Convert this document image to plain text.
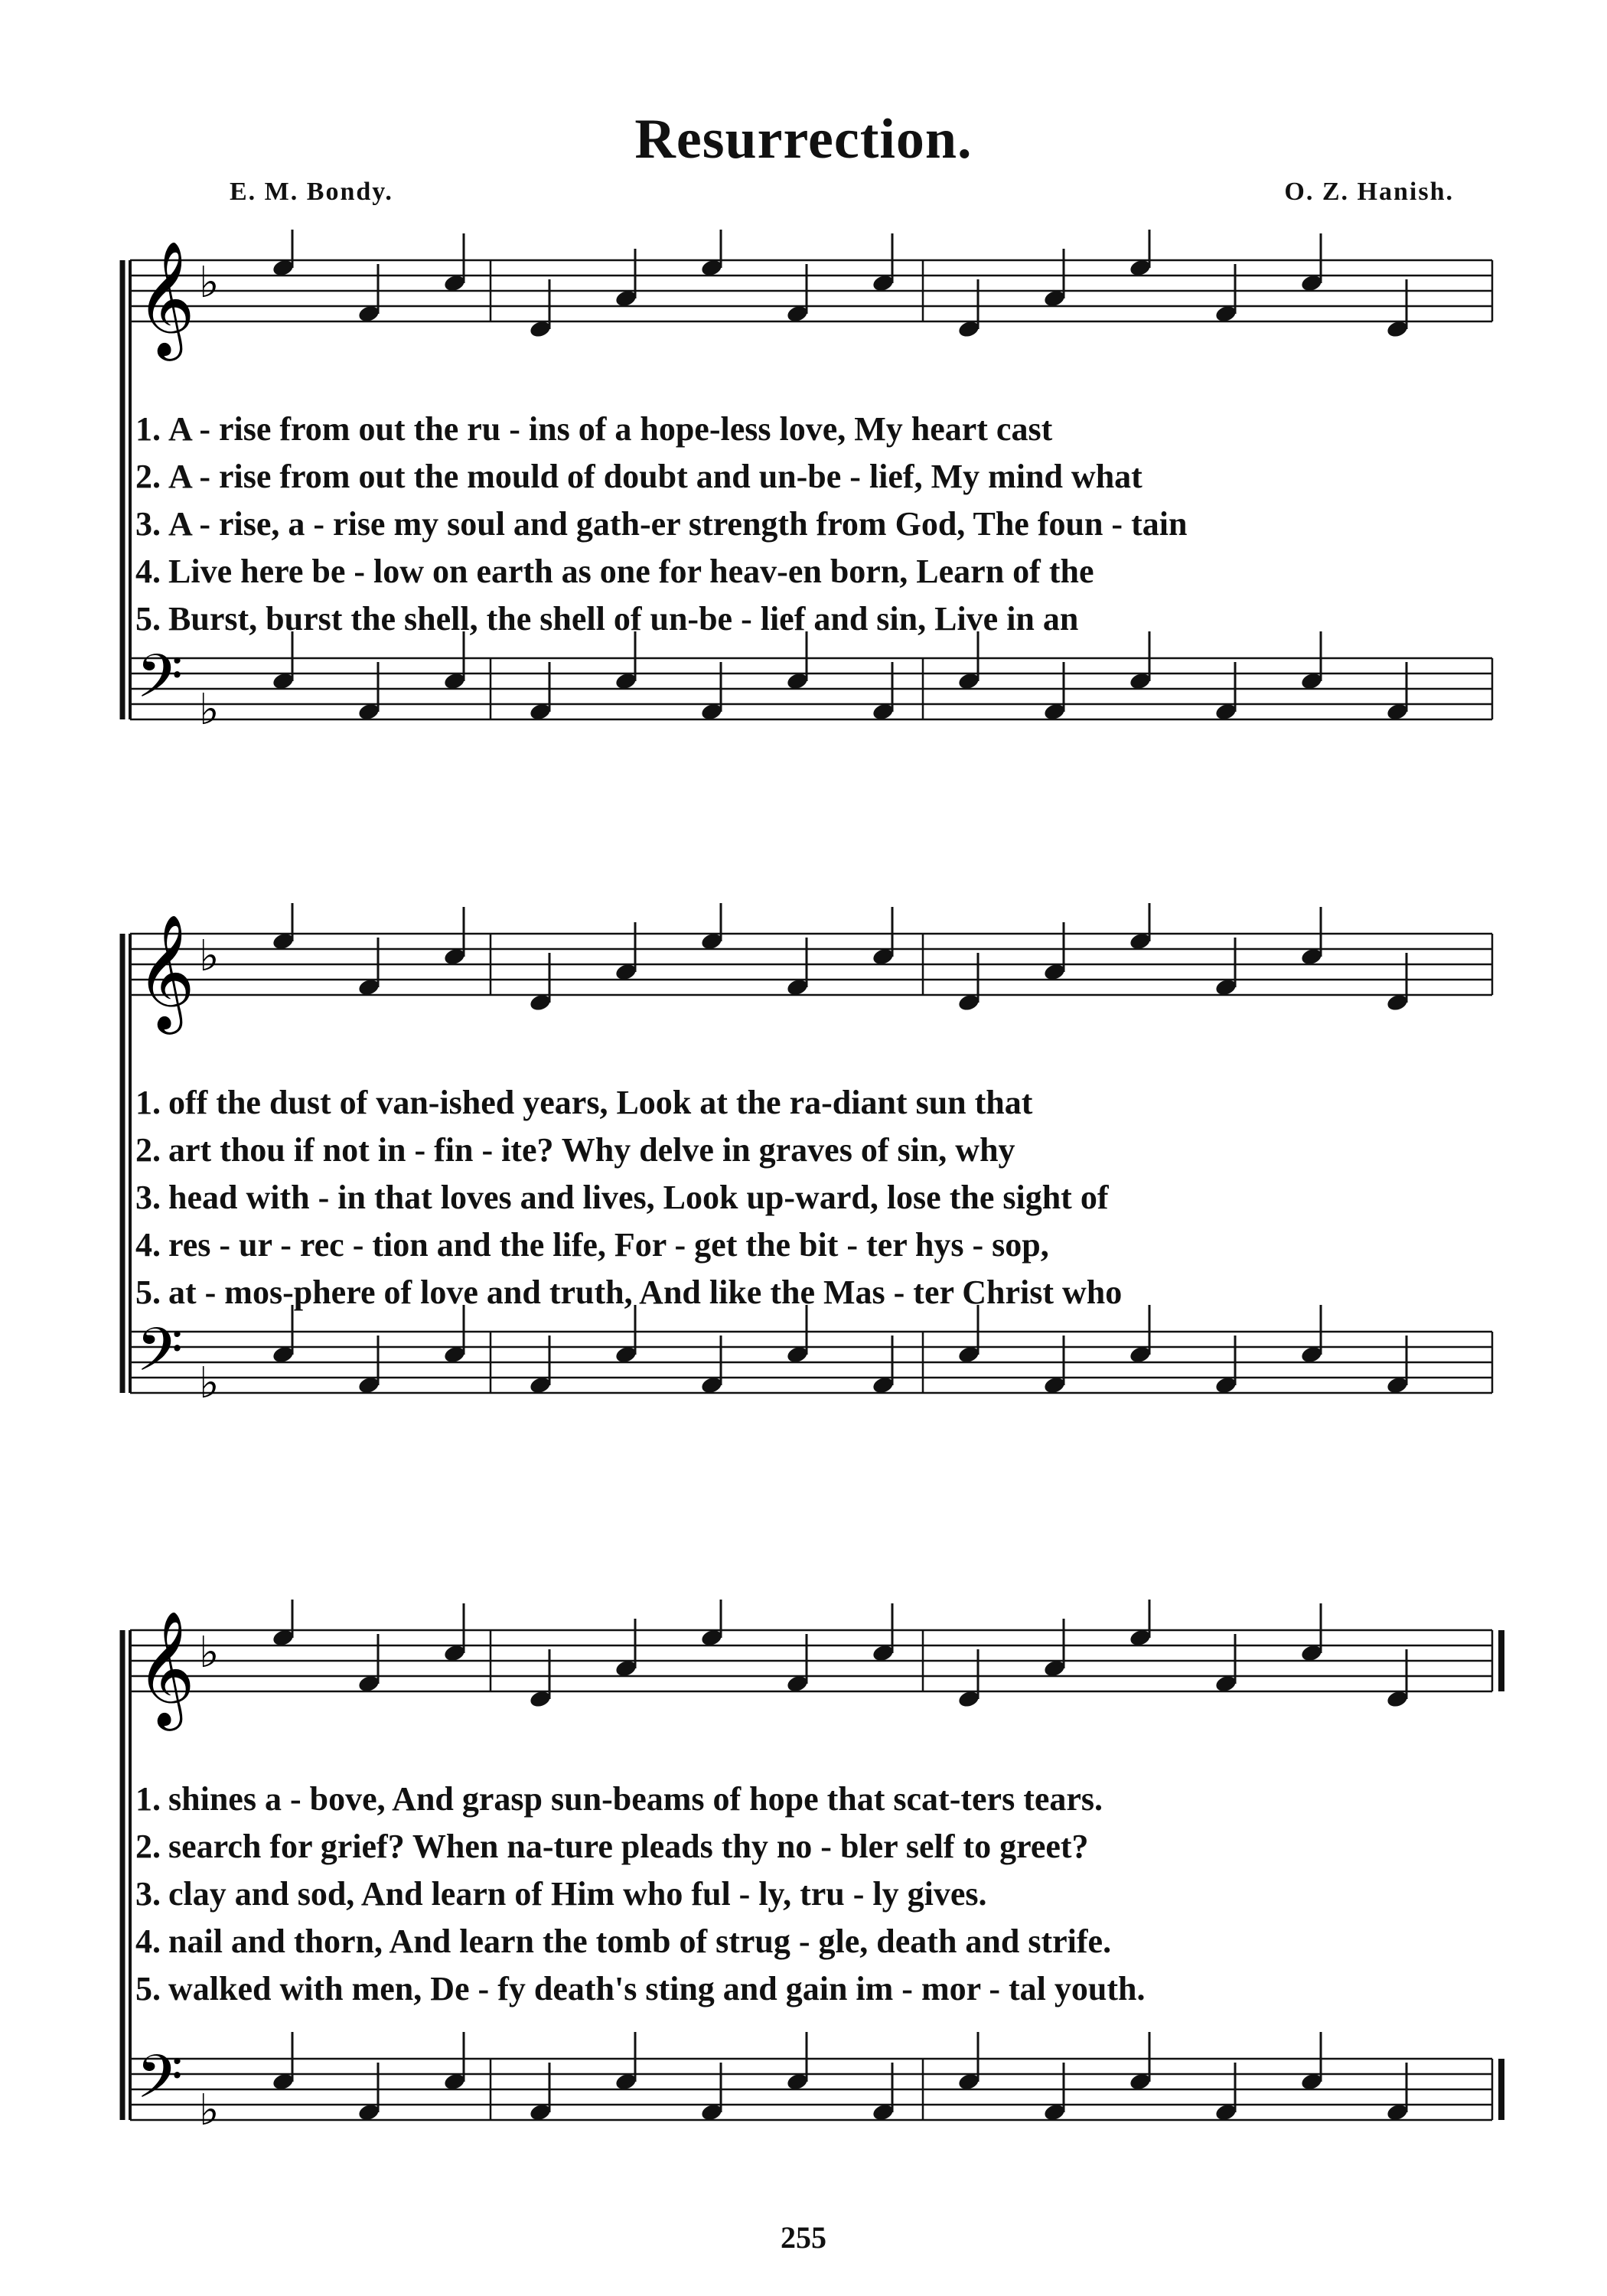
Resurrection.
E. M. Bondy.	O. Z. Hanish.
𝄞
𝄢
♭
♭
1. A - rise from out the ru - ins of a hope-less love, My heart cast
2. A - rise from out the mould of doubt and un-be - lief, My mind what
3. A - rise, a - rise my soul and gath-er strength from God, The foun - tain
4. Live here be - low on earth as one for heav-en born, Learn of the
5. Burst, burst the shell, the shell of un-be - lief and sin, Live in an
𝄞
𝄢
♭
♭
1. off the dust of van-ished years, Look at the ra-diant sun that
2. art thou if not in - fin - ite? Why delve in graves of sin, why
3. head with - in that loves and lives, Look up-ward, lose the sight of
4. res - ur - rec - tion and the life, For - get the bit - ter hys - sop,
5. at - mos-phere of love and truth, And like the Mas - ter Christ who
𝄞
𝄢
♭
♭
1. shines a - bove, And grasp sun-beams of hope that scat-ters tears.
2. search for grief? When na-ture pleads thy no - bler self to greet?
3. clay and sod, And learn of Him who ful - ly, tru - ly gives.
4. nail and thorn, And learn the tomb of strug - gle, death and strife.
5. walked with men, De - fy death's sting and gain im - mor - tal youth.
255
